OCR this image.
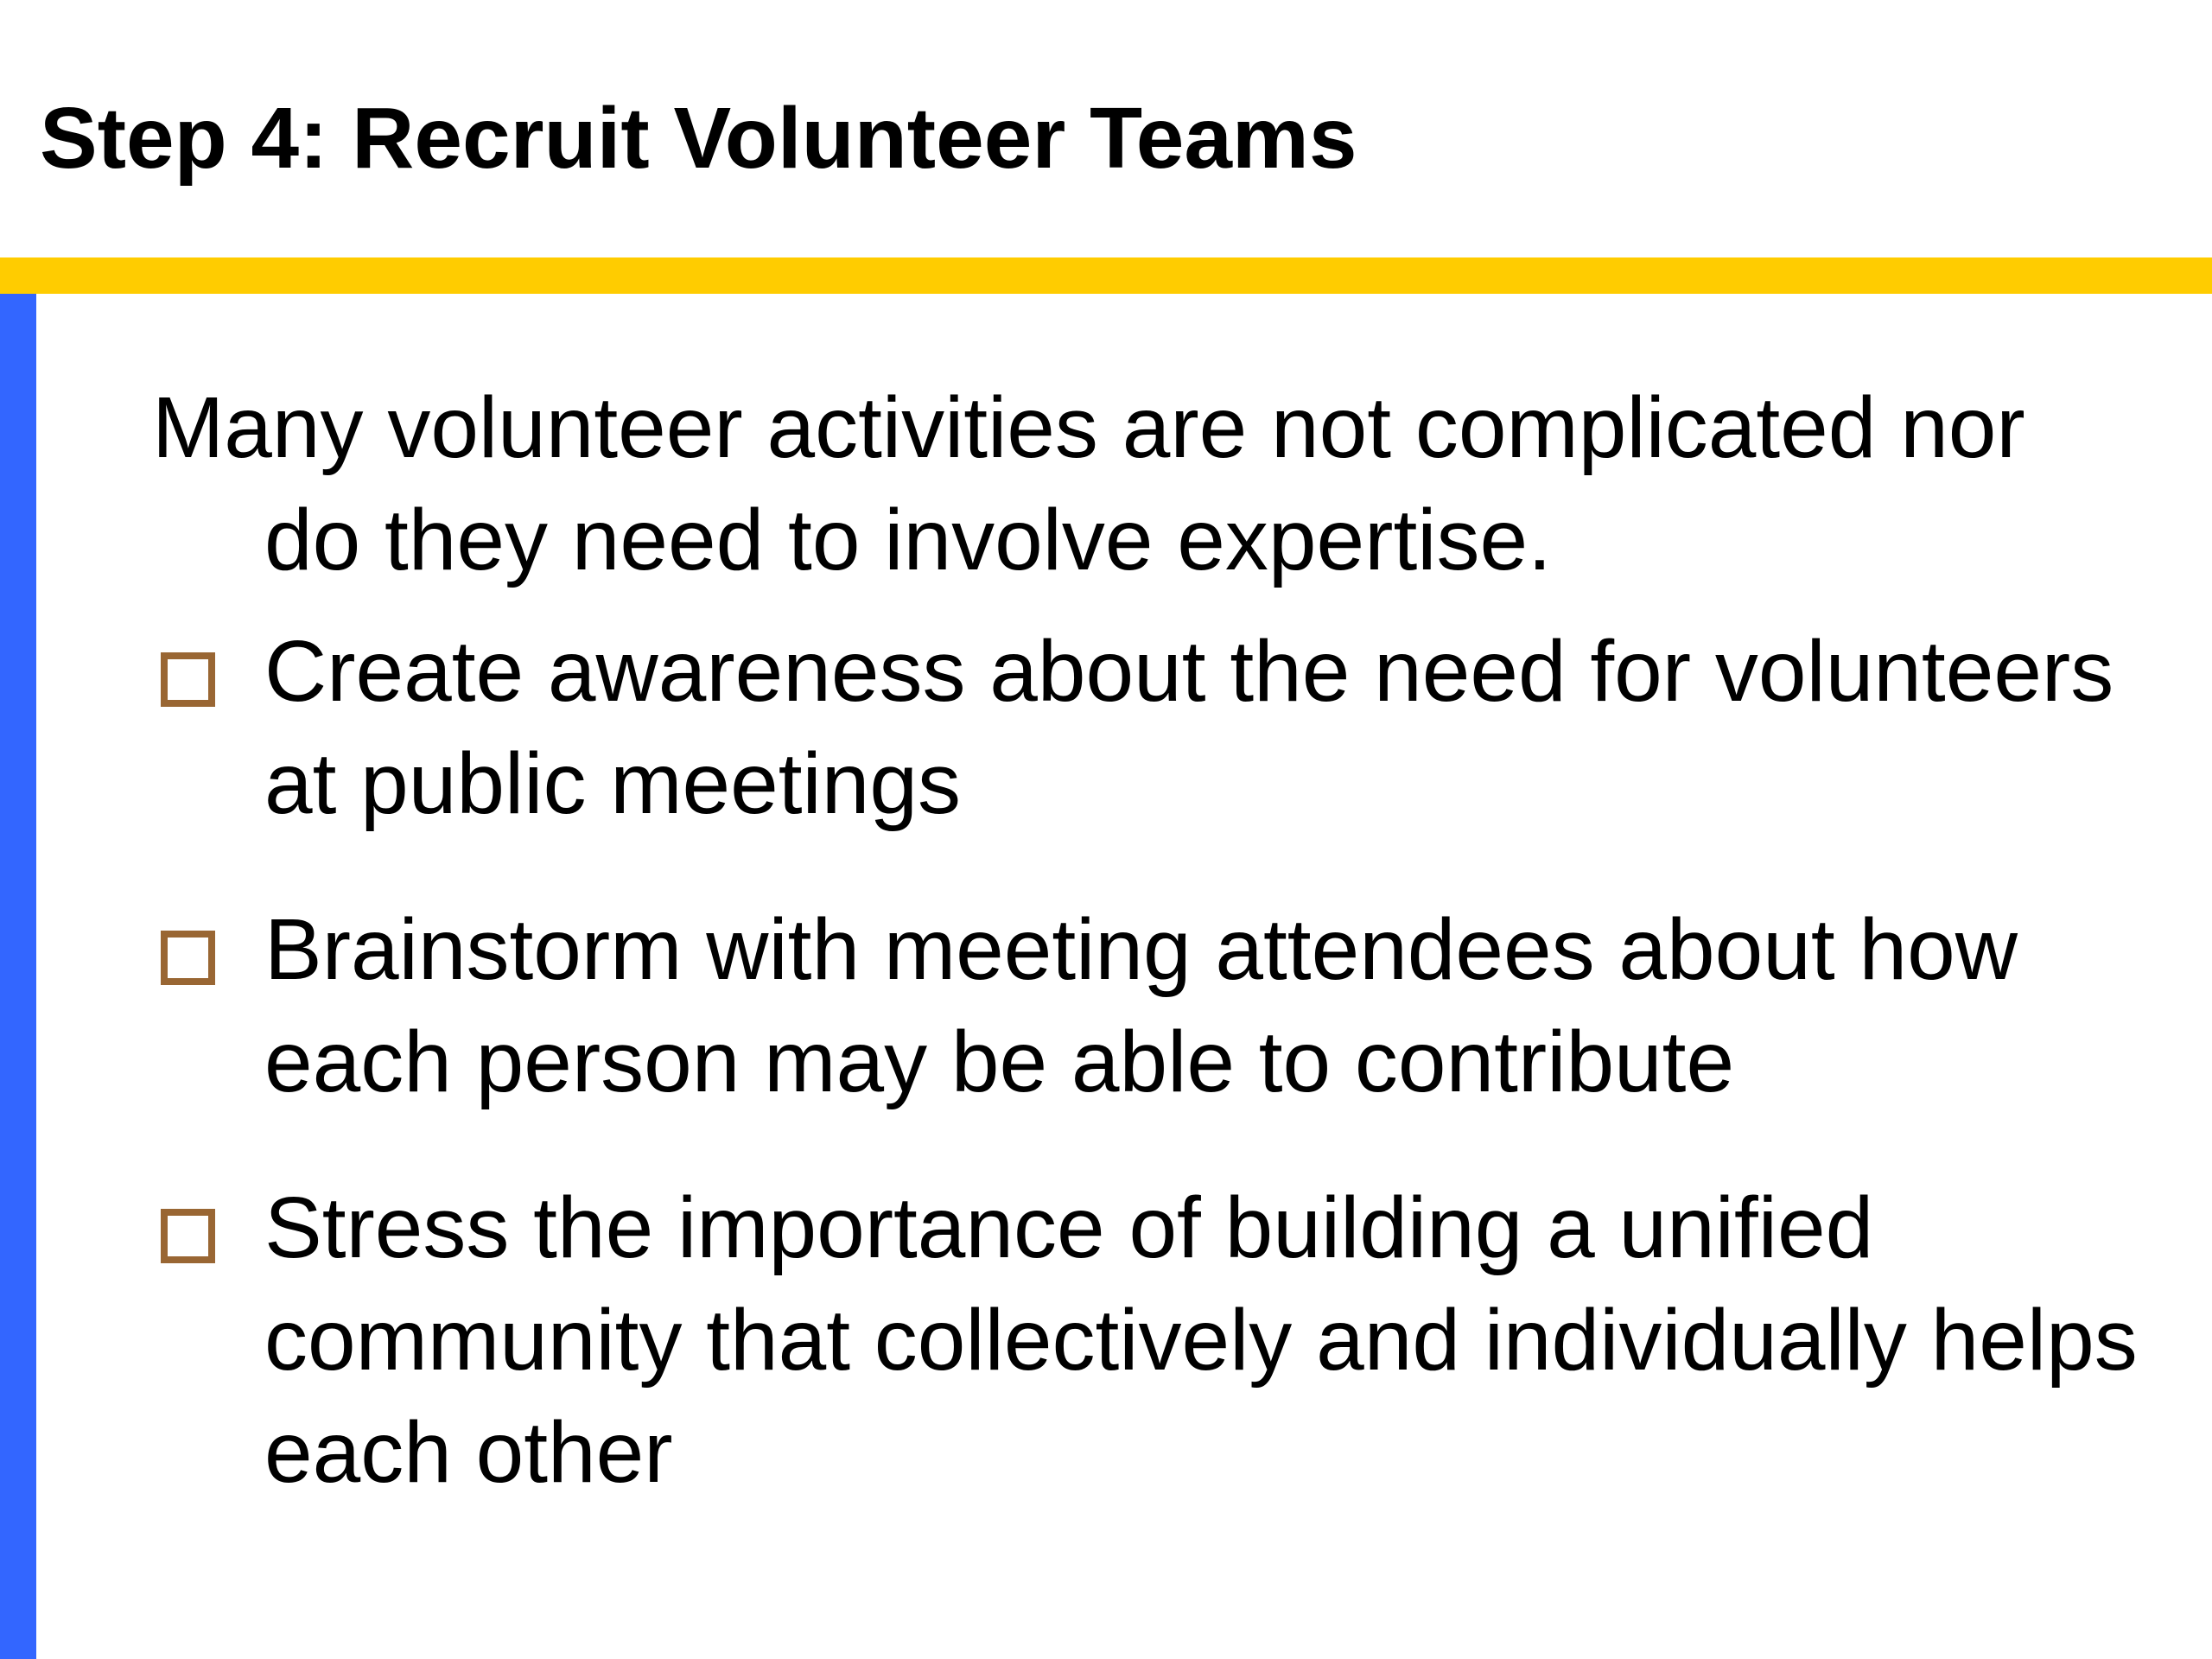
Step 4: Recruit Volunteer Teams

Many volunteer activities are not complicated nor do they need to involve expertise.

Create awareness about the need for volunteers at public meetings
Brainstorm with meeting attendees about how each person may be able to contribute
Stress the importance of building a unified community that collectively and individually helps each other
